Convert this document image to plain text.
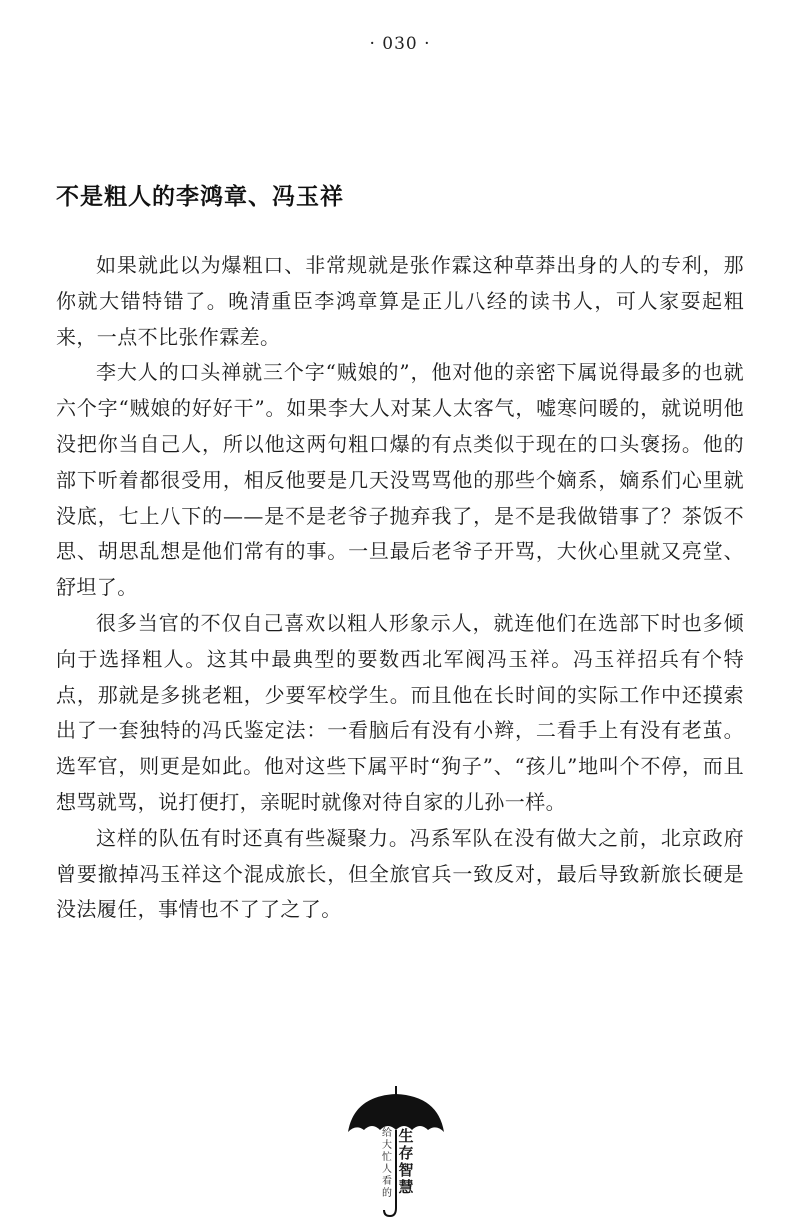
· 030 ·
不是粗人的李鸿章、冯玉祥

如果就此以为爆粗口、非常规就是张作霖这种草莽出身的人的专利，那你就大错特错了。晚清重臣李鸿章算是正儿八经的读书人，可人家耍起粗来，一点不比张作霖差。

李大人的口头禅就三个字“贼娘的”，他对他的亲密下属说得最多的也就六个字“贼娘的好好干”。如果李大人对某人太客气，嘘寒问暖的，就说明他没把你当自己人，所以他这两句粗口爆的有点类似于现在的口头褒扬。他的部下听着都很受用，相反他要是几天没骂骂他的那些个嫡系，嫡系们心里就没底，七上八下的——是不是老爷子抛弃我了，是不是我做错事了？茶饭不思、胡思乱想是他们常有的事。一旦最后老爷子开骂，大伙心里就又亮堂、舒坦了。

很多当官的不仅自己喜欢以粗人形象示人，就连他们在选部下时也多倾向于选择粗人。这其中最典型的要数西北军阀冯玉祥。冯玉祥招兵有个特点，那就是多挑老粗，少要军校学生。而且他在长时间的实际工作中还摸索出了一套独特的冯氏鉴定法：一看脑后有没有小辫，二看手上有没有老茧。选军官，则更是如此。他对这些下属平时“狗子”、“孩儿”地叫个不停，而且想骂就骂，说打便打，亲昵时就像对待自家的儿孙一样。

这样的队伍有时还真有些凝聚力。冯系军队在没有做大之前，北京政府曾要撤掉冯玉祥这个混成旅长，但全旅官兵一致反对，最后导致新旅长硬是没法履任，事情也不了了之了。

给大忙人看的
生存智慧
